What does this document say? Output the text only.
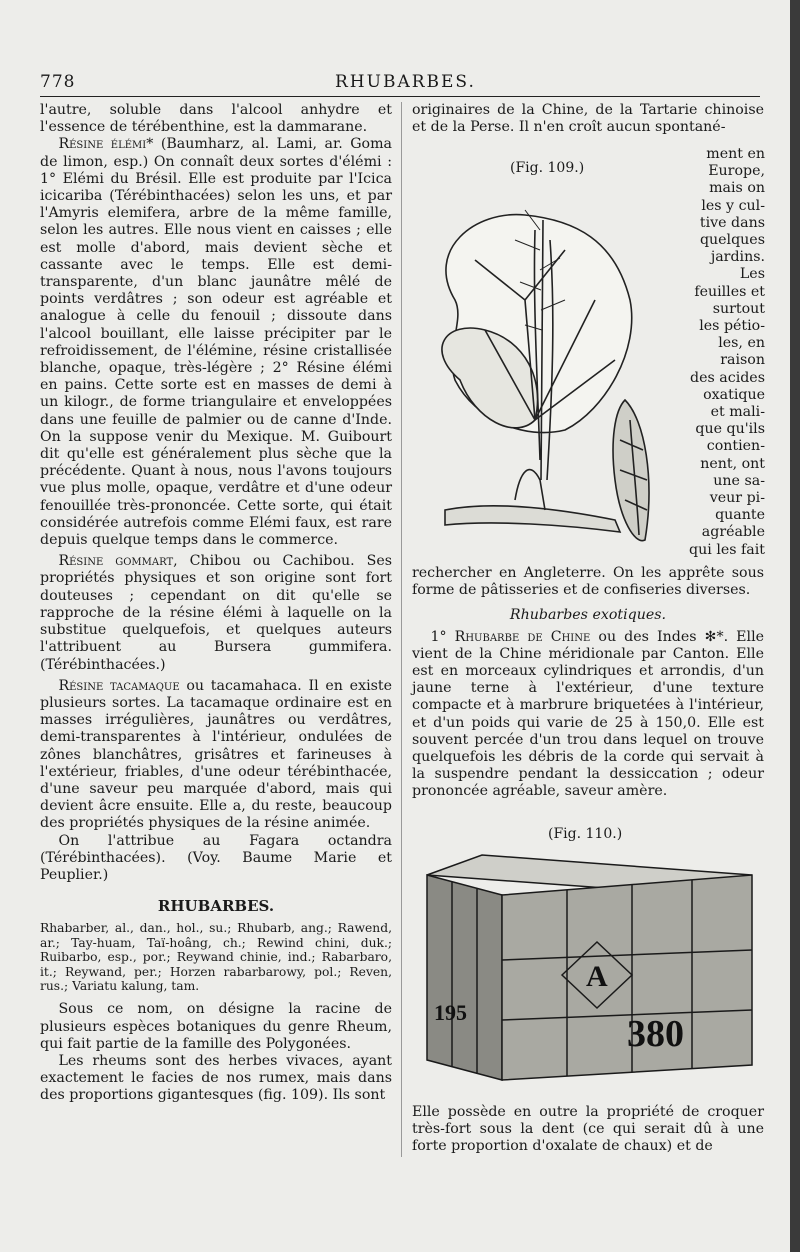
778	RHUBARBES.

l'autre, soluble dans l'alcool anhydre et l'essence de térébenthine, est la dammarane.

Résine élémi* (Baumharz, al. Lami, ar. Goma de limon, esp.) On connaît deux sortes d'élémi : 1° Elémi du Brésil. Elle est produite par l'Icica icicariba (Térébinthacées) selon les uns, et par l'Amyris elemifera, arbre de la même famille, selon les autres. Elle nous vient en caisses ; elle est molle d'abord, mais devient sèche et cassante avec le temps. Elle est demi-transparente, d'un blanc jaunâtre mêlé de points verdâtres ; son odeur est agréable et analogue à celle du fenouil ; dissoute dans l'alcool bouillant, elle laisse précipiter par le refroidissement, de l'élémine, résine cristallisée blanche, opaque, très-légère ; 2° Résine élémi en pains. Cette sorte est en masses de demi à un kilogr., de forme triangulaire et enveloppées dans une feuille de palmier ou de canne d'Inde. On la suppose venir du Mexique. M. Guibourt dit qu'elle est généralement plus sèche que la précédente. Quant à nous, nous l'avons toujours vue plus molle, opaque, verdâtre et d'une odeur fenouillée très-prononcée. Cette sorte, qui était considérée autrefois comme Elémi faux, est rare depuis quelque temps dans le commerce.

Résine gommart, Chibou ou Cachibou. Ses propriétés physiques et son origine sont fort douteuses ; cependant on dit qu'elle se rapproche de la résine élémi à laquelle on la substitue quelquefois, et quelques auteurs l'attribuent au Bursera gummifera. (Térébinthacées.)

Résine tacamaque ou tacamahaca. Il en existe plusieurs sortes. La tacamaque ordinaire est en masses irrégulières, jaunâtres ou verdâtres, demi-transparentes à l'intérieur, ondulées de zônes blanchâtres, grisâtres et farineuses à l'extérieur, friables, d'une odeur térébinthacée, d'une saveur peu marquée d'abord, mais qui devient âcre ensuite. Elle a, du reste, beaucoup des propriétés physiques de la résine animée.

On l'attribue au Fagara octandra (Térébinthacées). (Voy. Baume Marie et Peuplier.)

RHUBARBES.

Rhabarber, al., dan., hol., su.; Rhubarb, ang.; Rawend, ar.; Tay-huam, Taï-hoâng, ch.; Rewind chini, duk.; Ruibarbo, esp., por.; Reywand chinie, ind.; Rabarbaro, it.; Reywand, per.; Horzen rabarbarowy, pol.; Reven, rus.; Variatu kalung, tam.

Sous ce nom, on désigne la racine de plusieurs espèces botaniques du genre Rheum, qui fait partie de la famille des Polygonées.

Les rheums sont des herbes vivaces, ayant exactement le facies de nos rumex, mais dans des proportions gigantesques (fig. 109). Ils sont

originaires de la Chine, de la Tartarie chinoise et de la Perse. Il n'en croît aucun spontané-
(Fig. 109.)
ment en
Europe,
mais on
les y cul-
tive dans
quelques
jardins.
Les
feuilles et
surtout
les pétio-
les, en
raison
des acides
oxatique
et mali-
que qu'ils
contien-
nent, ont
une sa-
veur pi-
quante
agréable
qui les fait

rechercher en Angleterre. On les apprête sous forme de pâtisseries et de confiseries diverses.

Rhubarbes exotiques.

1° Rhubarbe de Chine ou des Indes ✻*. Elle vient de la Chine méridionale par Canton. Elle est en morceaux cylindriques et arrondis, d'un jaune terne à l'extérieur, d'une texture compacte et à marbrure briquetées à l'intérieur, et d'un poids qui varie de 25 à 150,0. Elle est souvent percée d'un trou dans lequel on trouve quelquefois les débris de la corde qui servait à la suspendre pendant la dessiccation ; odeur prononcée agréable, saveur amère.

(Fig. 110.)
A
380
195
Elle possède en outre la propriété de croquer très-fort sous la dent (ce qui serait dû à une forte proportion d'oxalate de chaux) et de
